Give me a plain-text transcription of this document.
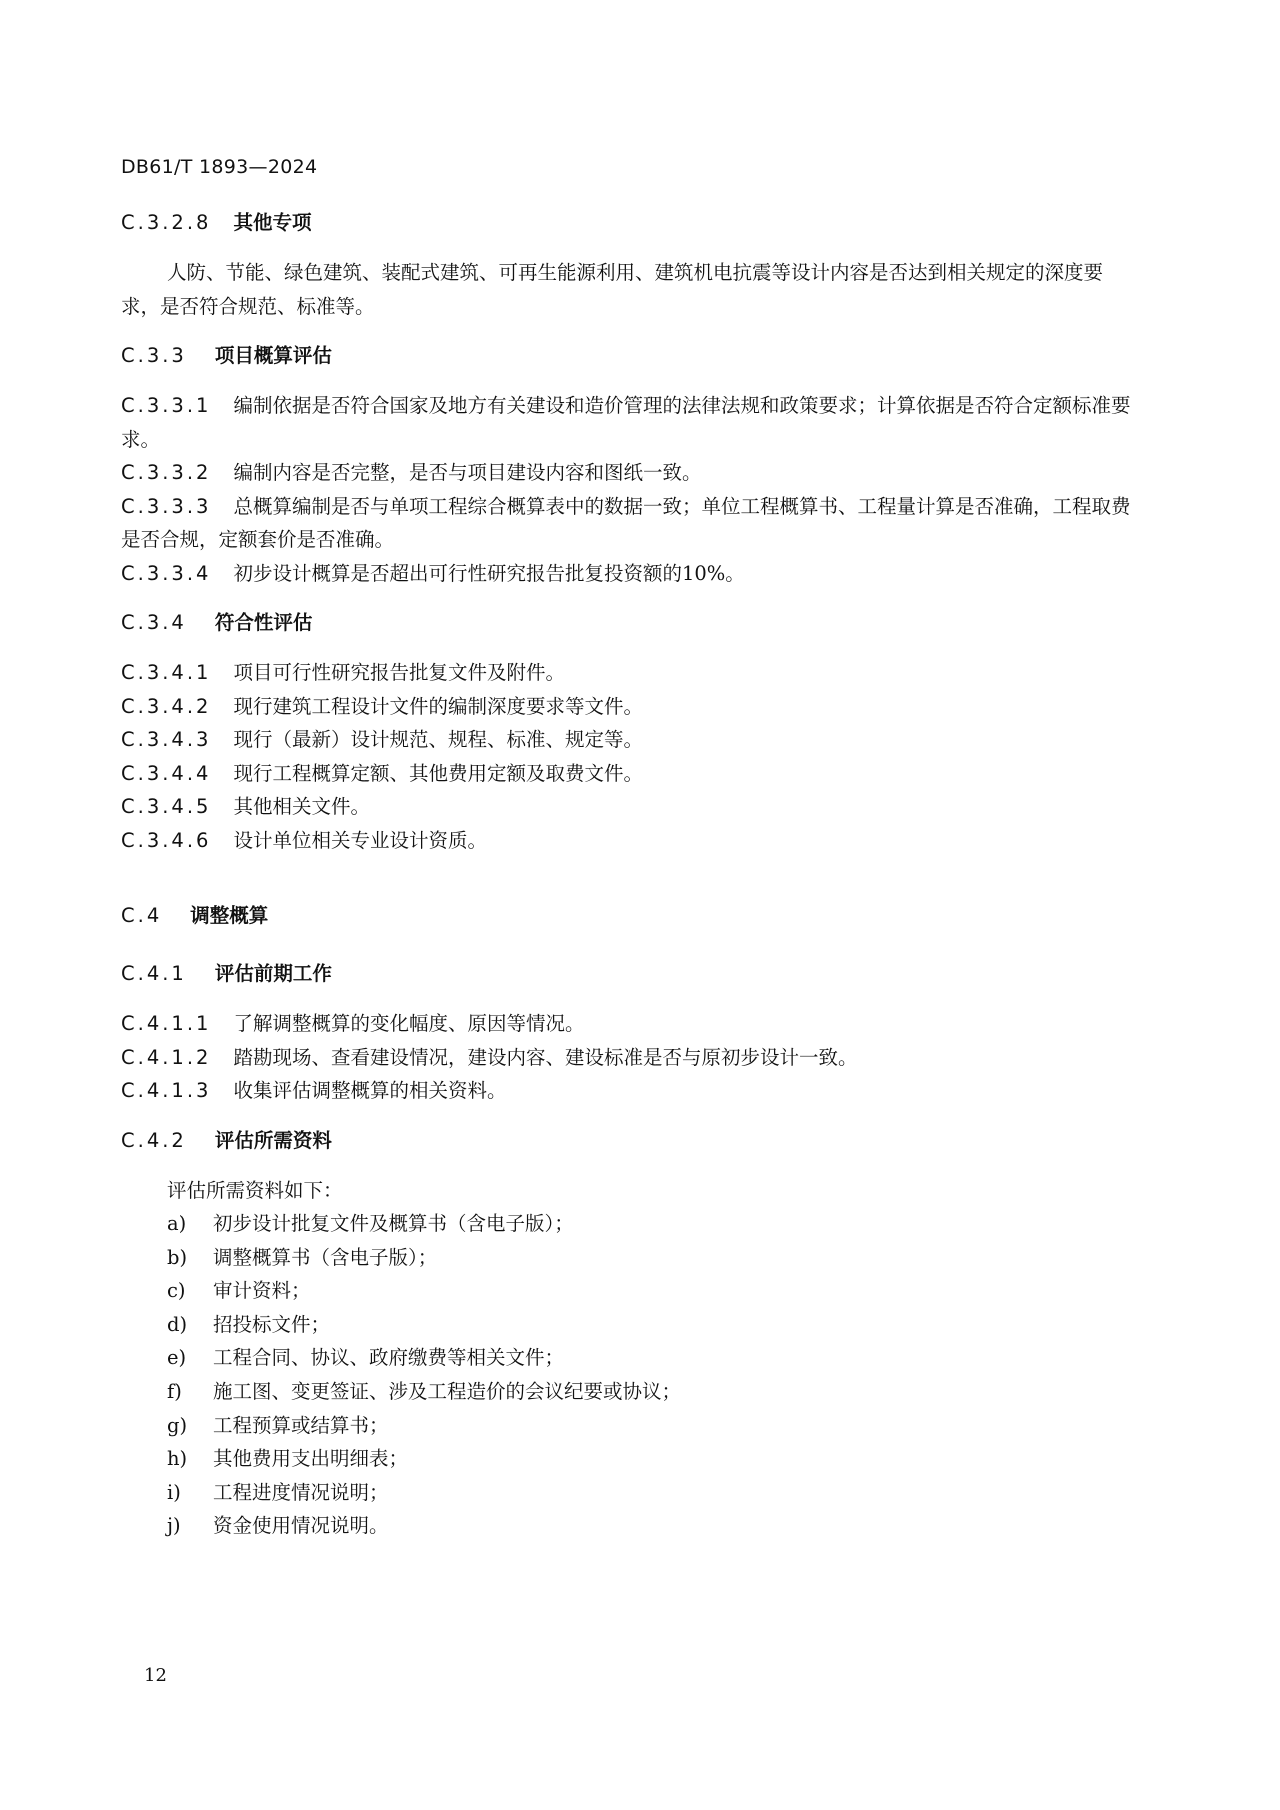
DB61/T 1893—2024
C.3.2.8 其他专项
人防、节能、绿色建筑、装配式建筑、可再生能源利用、建筑机电抗震等设计内容是否达到相关规定的深度要求，是否符合规范、标准等。
C.3.3 项目概算评估
C.3.3.1 编制依据是否符合国家及地方有关建设和造价管理的法律法规和政策要求；计算依据是否符合定额标准要求。
C.3.3.2 编制内容是否完整，是否与项目建设内容和图纸一致。
C.3.3.3 总概算编制是否与单项工程综合概算表中的数据一致；单位工程概算书、工程量计算是否准确，工程取费是否合规，定额套价是否准确。
C.3.3.4 初步设计概算是否超出可行性研究报告批复投资额的10%。
C.3.4 符合性评估
C.3.4.1 项目可行性研究报告批复文件及附件。
C.3.4.2 现行建筑工程设计文件的编制深度要求等文件。
C.3.4.3 现行（最新）设计规范、规程、标准、规定等。
C.3.4.4 现行工程概算定额、其他费用定额及取费文件。
C.3.4.5 其他相关文件。
C.3.4.6 设计单位相关专业设计资质。
C.4 调整概算
C.4.1 评估前期工作
C.4.1.1 了解调整概算的变化幅度、原因等情况。
C.4.1.2 踏勘现场、查看建设情况，建设内容、建设标准是否与原初步设计一致。
C.4.1.3 收集评估调整概算的相关资料。
C.4.2 评估所需资料
评估所需资料如下：
a) 初步设计批复文件及概算书（含电子版）；
b) 调整概算书（含电子版）；
c) 审计资料；
d) 招投标文件；
e) 工程合同、协议、政府缴费等相关文件；
f) 施工图、变更签证、涉及工程造价的会议纪要或协议；
g) 工程预算或结算书；
h) 其他费用支出明细表；
i) 工程进度情况说明；
j) 资金使用情况说明。
12
